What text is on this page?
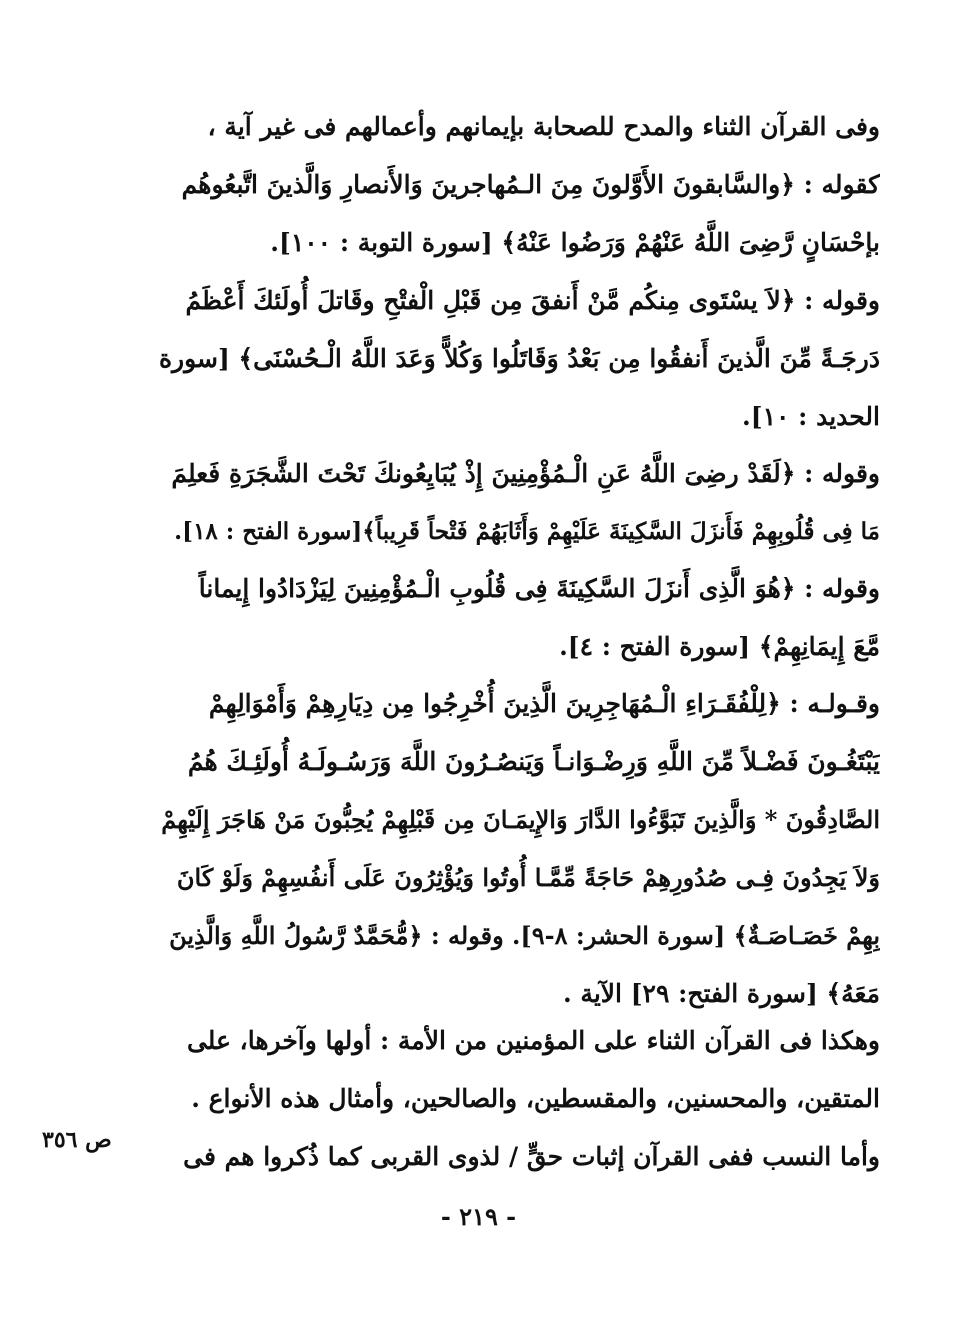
وفى القرآن الثناء والمدح للصحابة بإيمانهم وأعمالهم فى غير آية ،
كقوله : ﴿والسَّابقونَ الأَوَّلونَ مِنَ الـمُهاجرينَ وَالأَنصارِ وَالَّذينَ اتَّبعُوهُم
بإحْسَانٍ رَّضِىَ اللَّهُ عَنْهُمْ وَرَضُوا عَنْهُ﴾ [سورة التوبة : ١٠٠].
وقوله : ﴿لاَ يسْتَوى مِنكُم مَّنْ أَنفقَ مِن قَبْلِ الْفتْحِ وقَاتلَ أُولَئكَ أَعْظَمُ
دَرجَـةً مِّنَ الَّذينَ أَنفقُوا مِن بَعْدُ وَقَاتَلُوا وَكُلاًّ وَعَدَ اللَّهُ الْـحُسْنَى﴾ [سورة
الحديد : ١٠].
وقوله : ﴿لَقَدْ رضِىَ اللَّهُ عَنِ الْـمُؤْمِنِينَ إِذْ يُبَايِعُونكَ تَحْتَ الشَّجَرَةِ فَعلِمَ
مَا فِى قُلُوبِهِمْ فَأَنزَلَ السَّكِينَةَ عَلَيْهِمْ وَأَثَابَهُمْ فَتْحاً قَرِيباً﴾[سورة الفتح : ١٨].
وقوله : ﴿هُوَ الَّذِى أَنزَلَ السَّكِينَةَ فِى قُلُوبِ الْـمُؤْمِنِينَ لِيَزْدَادُوا إِيماناً
مَّعَ إِيمَانِهِمْ﴾ [سورة الفتح : ٤].
وقـولـه : ﴿لِلْفُقَـرَاءِ الْـمُهَاجِرِينَ الَّذِينَ أُخْرِجُوا مِن دِيَارِهِمْ وَأَمْوَالِهِمْ
يَبْتَغُـونَ فَضْـلاً مِّنَ اللَّهِ وَرِضْـوَانـاً وَيَنصُـرُونَ اللَّهَ وَرَسُـولَـهُ أُولَئِـكَ هُمُ
الصَّادِقُونَ * وَالَّذِينَ تَبَوَّءُوا الدَّارَ وَالإِيمَـانَ مِن قَبْلِهِمْ يُحِبُّونَ مَنْ هَاجَرَ إِلَيْهِمْ
وَلاَ يَجِدُونَ فِـى صُدُورِهِمْ حَاجَةً مِّمَّـا أُوتُوا وَيُؤْثِرُونَ عَلَى أَنفُسِهِمْ وَلَوْ كَانَ
بِهِمْ خَصَـاصَـةٌ﴾ [سورة الحشر: ٨-٩]. وقوله : ﴿مُّحَمَّدٌ رَّسُولُ اللَّهِ وَالَّذِينَ
مَعَهُ﴾ [سورة الفتح: ٢٩] الآية .
وهكذا فى القرآن الثناء على المؤمنين من الأمة : أولها وآخرها، على
المتقين، والمحسنين، والمقسطين، والصالحين، وأمثال هذه الأنواع .
وأما النسب ففى القرآن إثبات حقٍّ / لذوى القربى كما ذُكروا هم فى
ص ٣٥٦
- ٢١٩ -
